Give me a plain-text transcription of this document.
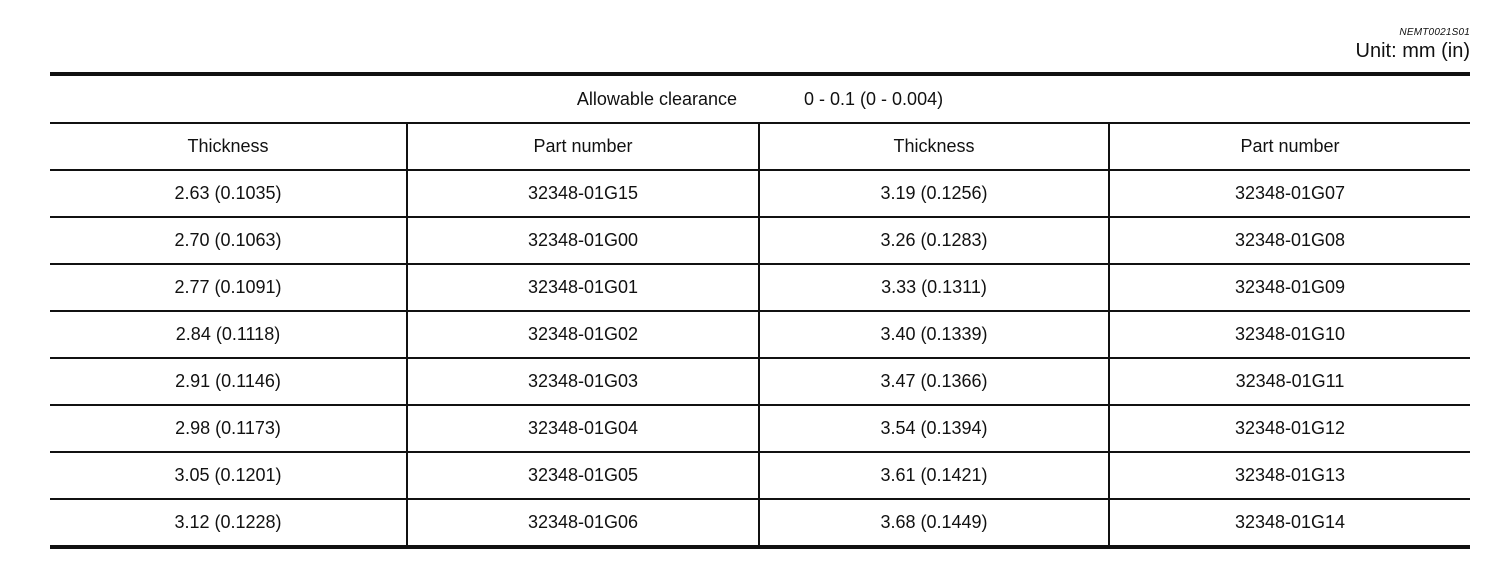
NEMT0021S01
Unit: mm (in)
Allowable clearance 0 - 0.1 (0 - 0.004)			
Thickness	Part number	Thickness	Part number
2.63 (0.1035)	32348-01G15	3.19 (0.1256)	32348-01G07
2.70 (0.1063)	32348-01G00	3.26 (0.1283)	32348-01G08
2.77 (0.1091)	32348-01G01	3.33 (0.1311)	32348-01G09
2.84 (0.1118)	32348-01G02	3.40 (0.1339)	32348-01G10
2.91 (0.1146)	32348-01G03	3.47 (0.1366)	32348-01G11
2.98 (0.1173)	32348-01G04	3.54 (0.1394)	32348-01G12
3.05 (0.1201)	32348-01G05	3.61 (0.1421)	32348-01G13
3.12 (0.1228)	32348-01G06	3.68 (0.1449)	32348-01G14
